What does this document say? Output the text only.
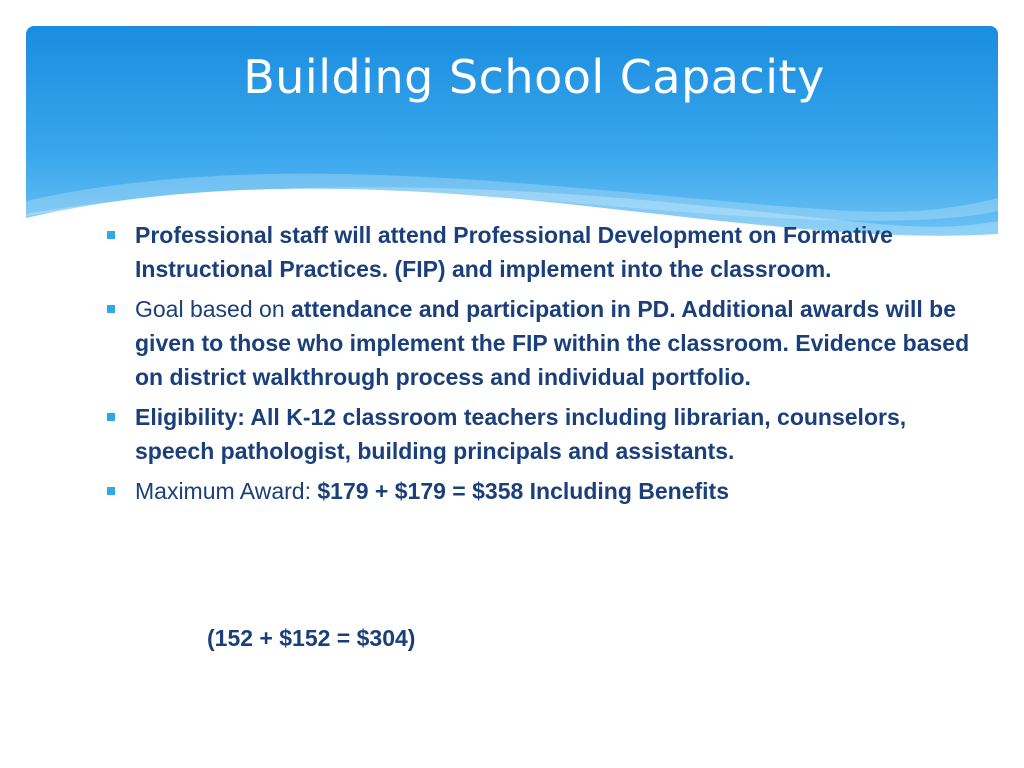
Building School Capacity
Professional staff will attend Professional Development on Formative Instructional Practices. (FIP) and implement into the classroom.
Goal based on attendance and participation in PD. Additional awards will be given to those who implement the FIP within the classroom. Evidence based on district walkthrough process and individual portfolio.
Eligibility: All K-12 classroom teachers including librarian, counselors, speech pathologist, building principals and assistants.
Maximum Award: $179 + $179 = $358 Including Benefits
(152 + $152 = $304)
